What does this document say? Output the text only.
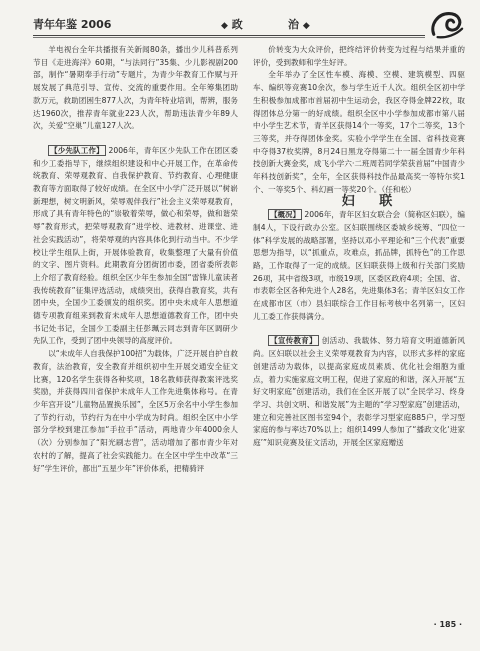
青年年鉴 2006	◆ 政	治 ◆

羊电视台全年共播报有关新闻80条，播出少儿科普系列节目《走进海洋》60期，“与法同行”35集、少儿影视剧200部，制作“暑期奉手行动”专题片，为青少年教育工作赋与开展发展了典范引导、宣传、交流的重要作用。全年筹集团助款万元，救助团困生877人次，为青年特业培训，帮辨，服务达1960次，推荐青年就业223人次，帮助违法青少年89人次，关爱“空巢”儿童127人次。

【少先队工作】 2006年，青年区少先队工作在团区委和少工委指导下，继续组织建设和中心开展工作，在革命传统教育、荣辱观教育、自我保护教育、节约教育、心理健康教育等方面取得了较好成绩。在全区中小学广泛开展以“树崭新理想，树文明新风，荣辱观伴我行”社会主义荣辱观教育，形成了具有青年特色的“崇敬着荣辱，做心和荣辱，做和谐荣辱”教育形式，把荣辱观教育“进学校、进教材、进课堂、进社会实践活动”，将荣辱观的内容具体化到行动当中。不少学校让学生组队上街，开展体验教育，收集整理了大量有价值的文字、图片资料。此期教育分团街团市委，团省委所表彰上介绍了教育经验。组织全区少年生参加全国“雷锋儿童读者我传统教育”征集评选活动，成绩突出，获得自教育奖，共有团中央，全国少工委颁发的组织奖。团中央未成年人思想道德专项教育组来到教育未成年人思想道德教育工作，团中央书记处书记，全国少工委副主任彭珮云同志到青年区调研少先队工作，受到了团中央领导的高度评价。

以“未成年人自我保护100招”为载体，广泛开展自护自救教育，法治教育，安全教育并组织初中生开展交通安全征文比赛，120名学生获得各种奖项，18名教师获得教案评选奖奖励，并获得四川省保护未成年人工作先进集体称号。在青少年宫开设“儿童物品置换乐园”，全区5万余名中小学生参加了节约行动，节约行为在中小学成为时尚。组织全区中小学部分学校到建江参加“手拉手”活动，两地青少年4000余人（次）分别参加了“阳光刷志营”，活动增加了都市青少年对农村的了解，提高了社会实践能力。在全区中学生中改革“三好”学生评价，都出“五星少年”评价体系，把精骑评

价转变为大众评价，把终结评价转变为过程与结果并重的评价，受到教师和学生好评。

全年举办了全区性车模、海模、空模、建筑模型、四驱车、编织等竞赛10余次，参与学生近千人次。组织全区初中学生积极参加成都市首届初中生运动会，我区夺得金牌22枚，取得团体总分第一的好成绩。组织全区中小学参加成都市第八届中小学生艺术节，青羊区获得14个一等奖，17个二等奖，13个三等奖，并夺得团体金奖。实验小学学生在全国、省科技竞赛中夺得37枚奖牌，8月24日黑龙夺得第二十一届全国青少年科技创新大赛金奖，成飞小学六·二班周若同学荣获首届“中国青少年科技创新奖”，全年，全区获得科技作品最高奖一等特尔奖1个、一等奖5个、科幻画一等奖20个。（任和松）

妇 联

【概况】 2006年，青年区妇女联合会（简称区妇联），编制4人，下设行政办公室。区妇联围绕区委城乡统筹、“四位一体”科学发展的战略部署，坚持以邓小平理论和“三个代表”重要思想为指导，以“抓重点，攻难点，抓品牌，抓特色”的工作思路，工作取得了一定的成绩。区妇联获得上级和行关部门奖励26项，其中省级3项，市级19项，区委区政府4项；全国、省、市表彰全区各种先进个人28名，先进集体3名；青羊区妇女工作在成都市区（市）县妇联综合工作目标考核中名列第一，区妇儿工委工作获得满分。

【宣传教育】 创活动、我载体、努力培育文明道德新风尚。区妇联以社会主义荣辱观教育为内容，以形式多样的家庭创建活动为载体，以提高家庭成员素质、优化社会细胞为重点，着力实施家庭文明工程，促进了家庭的和谐，深入开展“五好文明家庭”创建活动，我们在全区开展了以“全民学习、终身学习、共创文明、和谐发展”为主题的“学习型家庭”创建活动，建立和完善社区图书室94个，表彰学习型家庭885户，学习型家庭的参与率达70%以上；组织1499人参加了“播政文化‘进家庭’”知识竞赛及征文活动，开展全区家庭赠送

· 185 ·
